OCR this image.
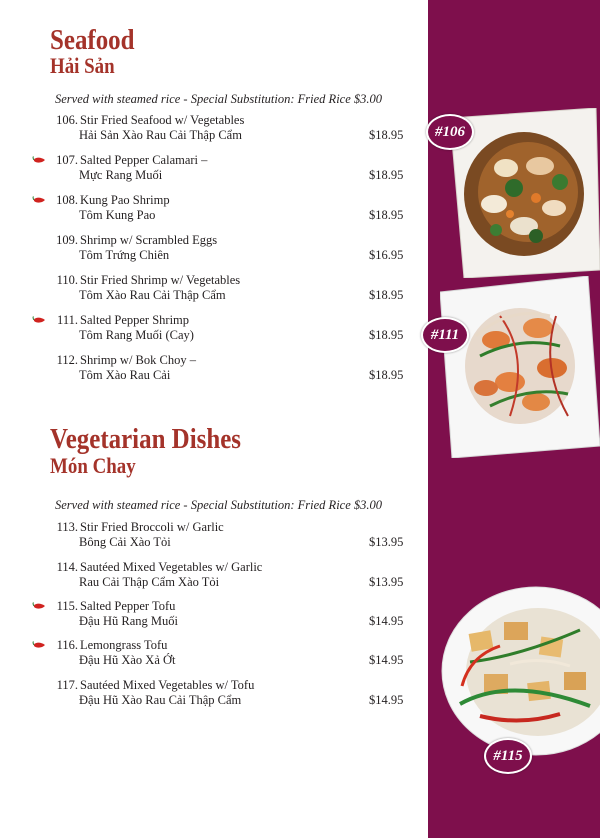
Seafood
Hải Sản
Served with steamed rice - Special Substitution: Fried Rice $3.00
106. Stir Fried Seafood w/ Vegetables
Hải Sản Xào Rau Cải Thập Cẩm	$18.95
107. Salted Pepper Calamari –
Mực Rang Muối	$18.95
108. Kung Pao Shrimp
Tôm Kung Pao	$18.95
109. Shrimp w/ Scrambled Eggs
Tôm Trứng Chiên	$16.95
110. Stir Fried Shrimp w/ Vegetables
Tôm Xào Rau Cải Thập Cẩm	$18.95
111. Salted Pepper Shrimp
Tôm Rang Muối (Cay)	$18.95
112. Shrimp w/ Bok Choy –
Tôm Xào Rau Cải	$18.95
Vegetarian Dishes
Món Chay
Served with steamed rice - Special Substitution: Fried Rice $3.00
113. Stir Fried Broccoli w/ Garlic
Bông Cải Xào Tỏi	$13.95
114. Sautéed Mixed Vegetables w/ Garlic
Rau Cải Thập Cẩm Xào Tỏi	$13.95
115. Salted Pepper Tofu
Đậu Hũ Rang Muối	$14.95
116. Lemongrass Tofu
Đậu Hũ Xào Xả Ớt	$14.95
117. Sautéed Mixed Vegetables w/ Tofu
Đậu Hũ Xào Rau Cải Thập Cẩm	$14.95
#106
#111
#115
